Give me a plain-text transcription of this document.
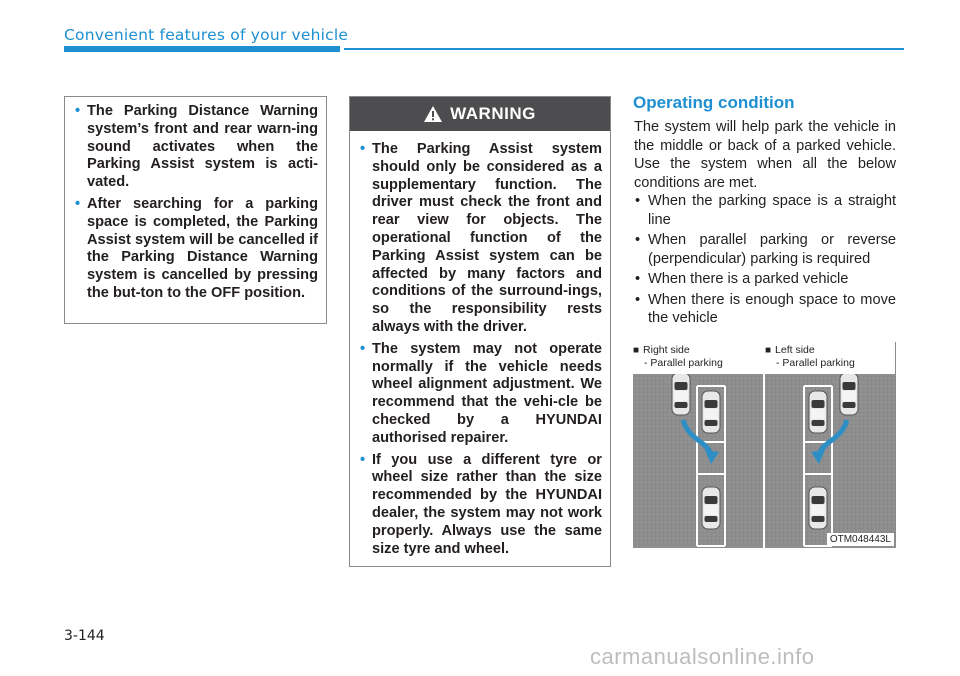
Convenient features of your vehicle
• The Parking Distance Warning system’s front and rear warn-ing sound activates when the Parking Assist system is acti-vated.
• After searching for a parking space is completed, the Parking Assist system will be cancelled if the Parking Distance Warning system is cancelled by pressing the but-ton to the OFF position.
WARNING
• The Parking Assist system should only be considered as a supplementary function. The driver must check the front and rear view for objects. The operational function of the Parking Assist system can be affected by many factors and conditions of the surround-ings, so the responsibility rests always with the driver.
• The system may not operate normally if the vehicle needs wheel alignment adjustment. We recommend that the vehi-cle be checked by a HYUNDAI authorised repairer.
• If you use a different tyre or wheel size rather than the size recommended by the HYUNDAI dealer, the system may not work properly. Always use the same size tyre and wheel.
Operating condition

The system will help park the vehicle in the middle or back of a parked vehicle. Use the system when all the below conditions are met.

• When the parking space is a straight line
• When parallel parking or reverse (perpendicular) parking is required
• When there is a parked vehicle
• When there is enough space to move the vehicle
■ Right side
- Parallel parking
■ Left side
- Parallel parking
OTM048443L
3-144
carmanualsonline.info
